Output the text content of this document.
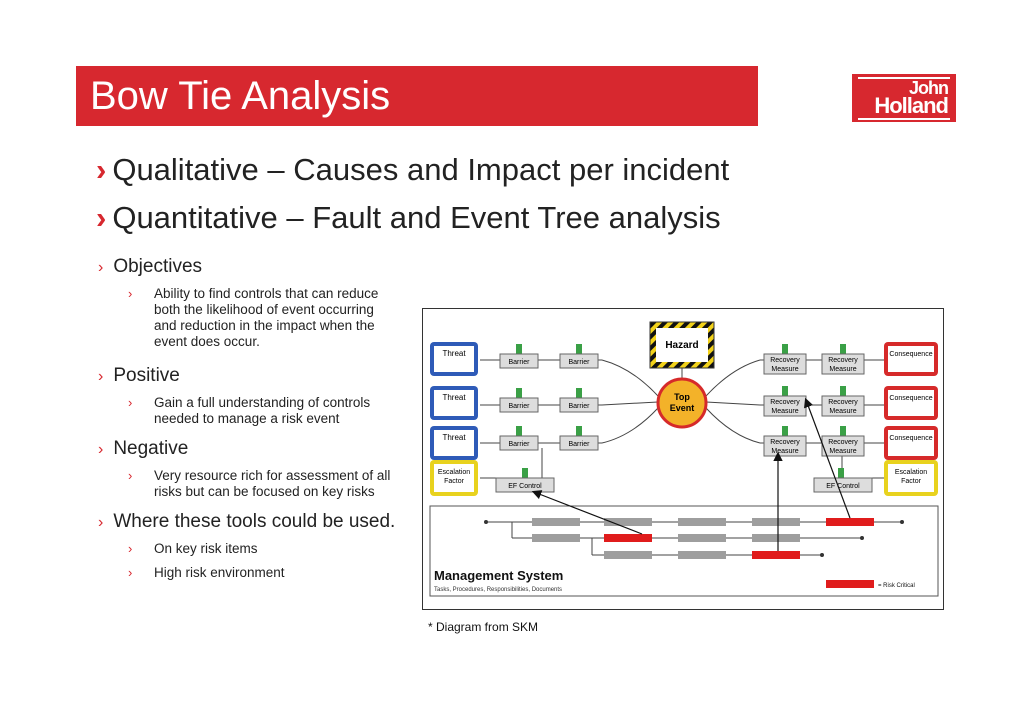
Bow Tie Analysis	John
Holland
› Qualitative – Causes and Impact per incident
› Quantitative – Fault and Event Tree analysis
› Objectives
› Ability to find controls that can reduce
both the likelihood of event occurring
and reduction in the impact when the
event does occur.
› Positive
› Gain a full understanding of controls
needed to manage a risk event
› Negative
› Very resource rich for assessment of all
risks but can be focused on key risks
› Where these tools could be used.
› On key risk items
› High risk environment
Threat
Threat
Threat
Escalation
Factor
Barrier	Barrier
Barrier	Barrier
Barrier	Barrier
EF Control
Hazard
Top
Event
Recovery
Measure
Recovery
Measure
Recovery
Measure
Recovery
Measure
Recovery
Measure
Recovery
Measure
EF Control
Consequence
Consequence
Consequence
Escalation
Factor
Management System
Tasks, Procedures, Responsibilities, Documents
= Risk Critical
* Diagram from SKM
